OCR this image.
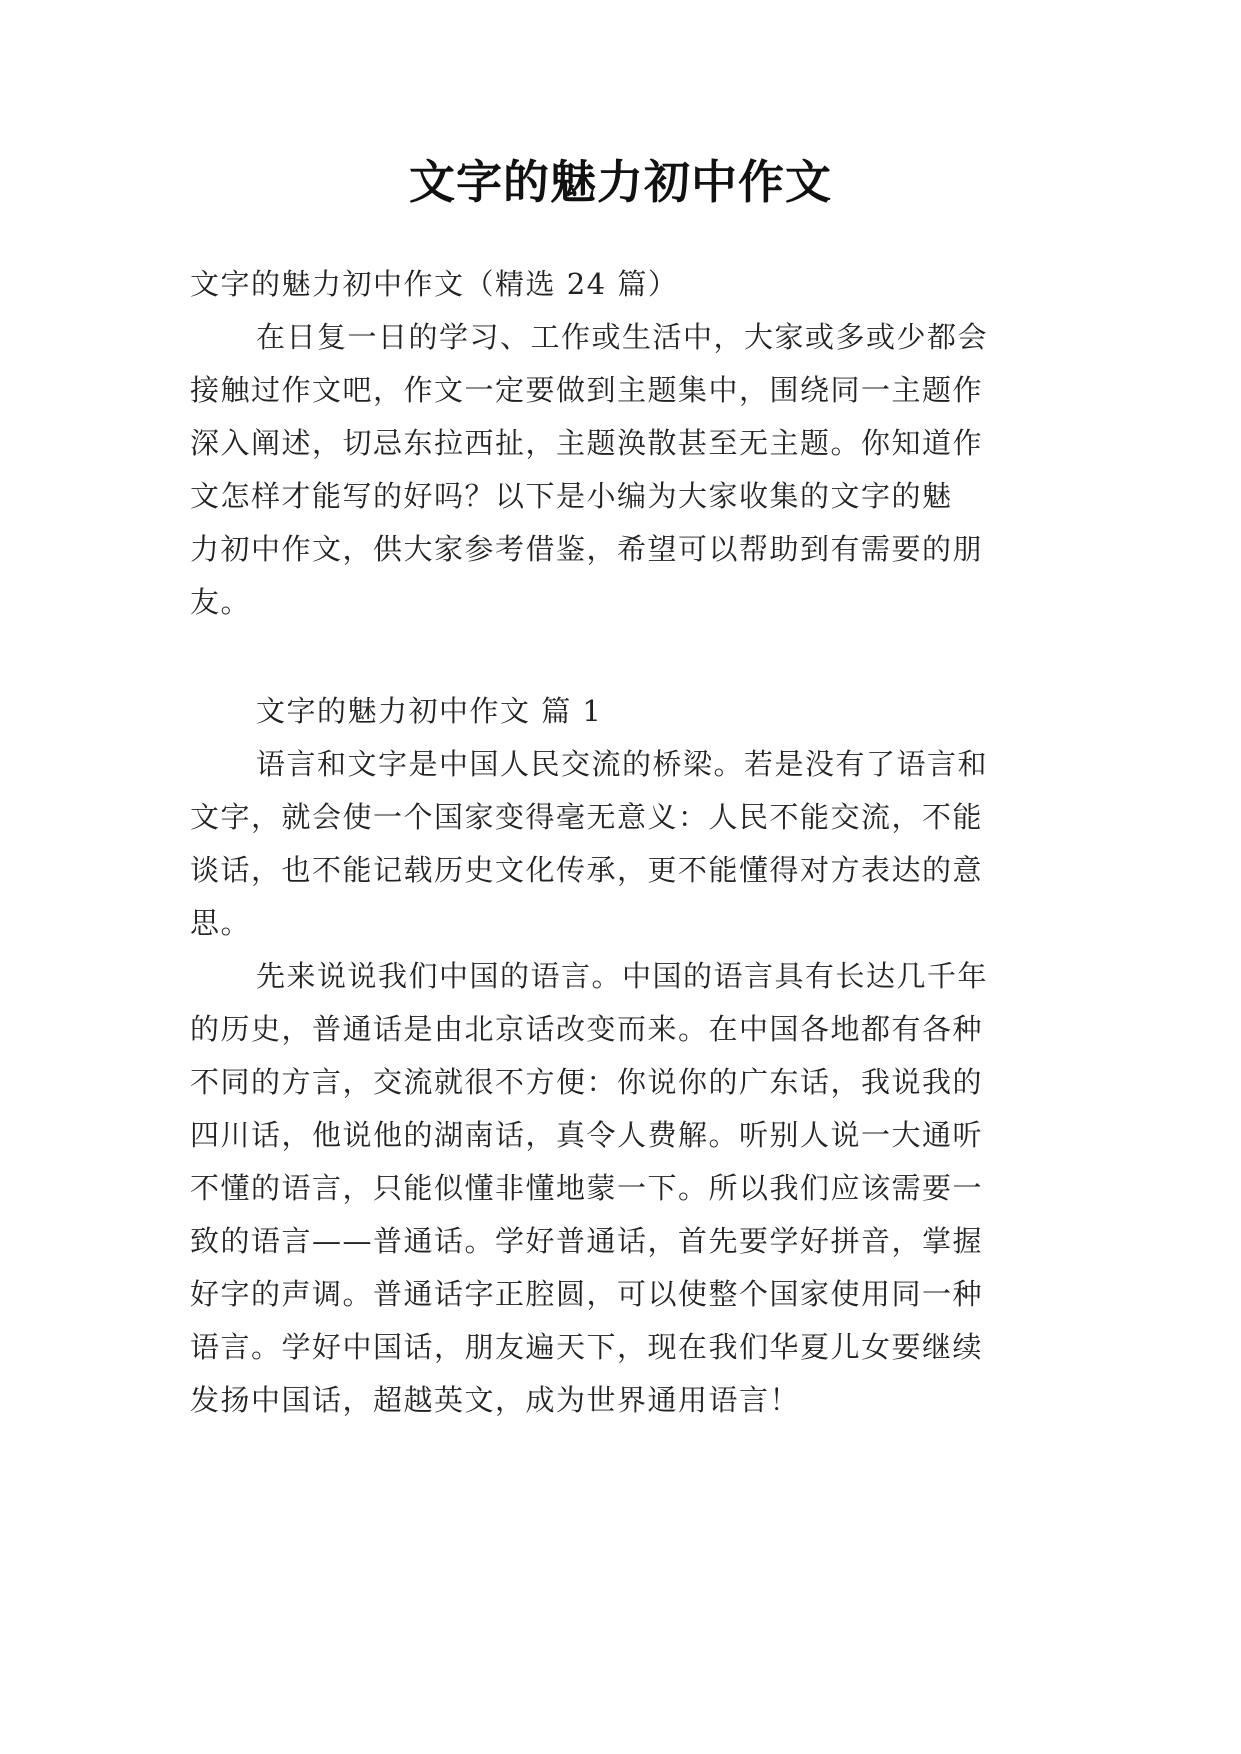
文字的魅力初中作文

文字的魅力初中作文（精选 24 篇）

在日复一日的学习、工作或生活中，大家或多或少都会

接触过作文吧，作文一定要做到主题集中，围绕同一主题作

深入阐述，切忌东拉西扯，主题涣散甚至无主题。你知道作

文怎样才能写的好吗？以下是小编为大家收集的文字的魅

力初中作文，供大家参考借鉴，希望可以帮助到有需要的朋

友。

文字的魅力初中作文 篇 1

语言和文字是中国人民交流的桥梁。若是没有了语言和

文字，就会使一个国家变得毫无意义：人民不能交流，不能

谈话，也不能记载历史文化传承，更不能懂得对方表达的意

思。

先来说说我们中国的语言。中国的语言具有长达几千年

的历史，普通话是由北京话改变而来。在中国各地都有各种

不同的方言，交流就很不方便：你说你的广东话，我说我的

四川话，他说他的湖南话，真令人费解。听别人说一大通听

不懂的语言，只能似懂非懂地蒙一下。所以我们应该需要一

致的语言——普通话。学好普通话，首先要学好拼音，掌握

好字的声调。普通话字正腔圆，可以使整个国家使用同一种

语言。学好中国话，朋友遍天下，现在我们华夏儿女要继续

发扬中国话，超越英文，成为世界通用语言！
